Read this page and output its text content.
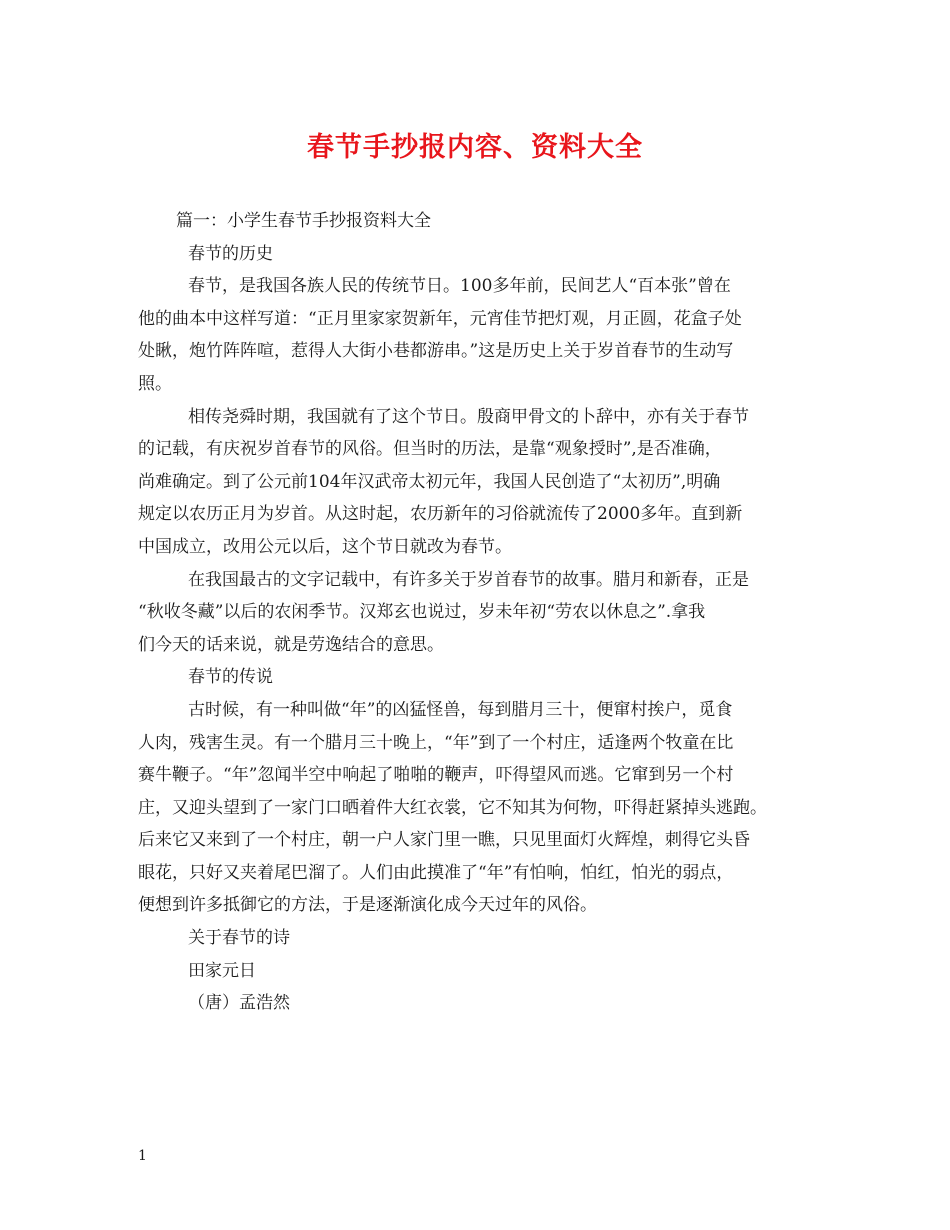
春节手抄报内容、资料大全
篇一：小学生春节手抄报资料大全
春节的历史
春节，是我国各族人民的传统节日。100多年前，民间艺人“百本张”曾在
他的曲本中这样写道：“正月里家家贺新年，元宵佳节把灯观，月正圆，花盒子处
处瞅，炮竹阵阵喧，惹得人大街小巷都游串。”这是历史上关于岁首春节的生动写
照。
相传尧舜时期，我国就有了这个节日。殷商甲骨文的卜辞中，亦有关于春节
的记载，有庆祝岁首春节的风俗。但当时的历法，是靠“观象授时”,是否准确，
尚难确定。到了公元前104年汉武帝太初元年，我国人民创造了“太初历”,明确
规定以农历正月为岁首。从这时起，农历新年的习俗就流传了2000多年。直到新
中国成立，改用公元以后，这个节日就改为春节。
在我国最古的文字记载中，有许多关于岁首春节的故事。腊月和新春，正是
“秋收冬藏”以后的农闲季节。汉郑玄也说过，岁未年初“劳农以休息之”.拿我
们今天的话来说，就是劳逸结合的意思。
春节的传说
古时候，有一种叫做“年”的凶猛怪兽，每到腊月三十，便窜村挨户，觅食
人肉，残害生灵。有一个腊月三十晚上，“年”到了一个村庄，适逢两个牧童在比
赛牛鞭子。“年”忽闻半空中响起了啪啪的鞭声，吓得望风而逃。它窜到另一个村
庄，又迎头望到了一家门口晒着件大红衣裳，它不知其为何物，吓得赶紧掉头逃跑。
后来它又来到了一个村庄，朝一户人家门里一瞧，只见里面灯火辉煌，刺得它头昏
眼花，只好又夹着尾巴溜了。人们由此摸准了“年”有怕响，怕红，怕光的弱点，
便想到许多抵御它的方法，于是逐渐演化成今天过年的风俗。
关于春节的诗
田家元日
（唐）孟浩然
1
